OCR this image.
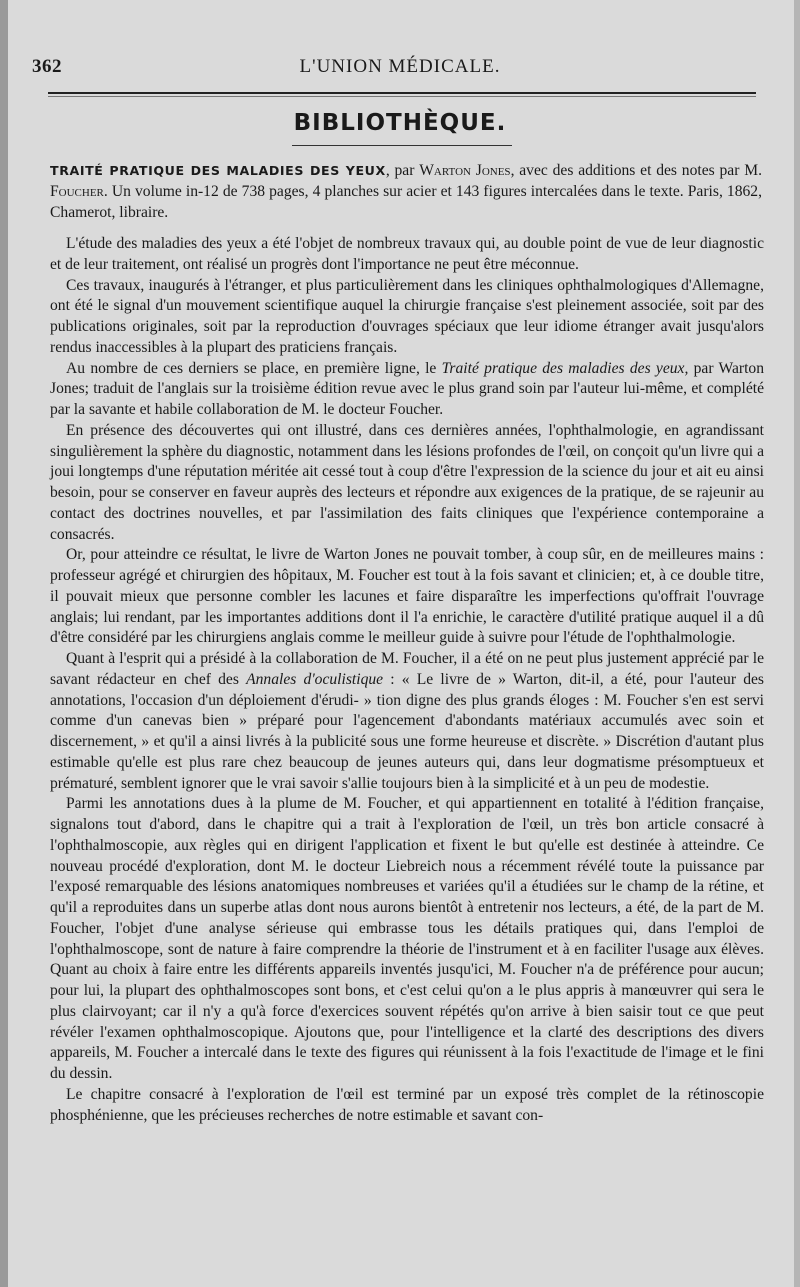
362	L'UNION MÉDICALE.
BIBLIOTHÈQUE.
TRAITÉ PRATIQUE DES MALADIES DES YEUX, par Warton Jones, avec des additions et des notes par M. Foucher. Un volume in-12 de 738 pages, 4 planches sur acier et 143 figures intercalées dans le texte. Paris, 1862, Chamerot, libraire.

L'étude des maladies des yeux a été l'objet de nombreux travaux qui, au double point de vue de leur diagnostic et de leur traitement, ont réalisé un progrès dont l'importance ne peut être méconnue.

Ces travaux, inaugurés à l'étranger, et plus particulièrement dans les cliniques ophthalmologiques d'Allemagne, ont été le signal d'un mouvement scientifique auquel la chirurgie française s'est pleinement associée, soit par des publications originales, soit par la reproduction d'ouvrages spéciaux que leur idiome étranger avait jusqu'alors rendus inaccessibles à la plupart des praticiens français.

Au nombre de ces derniers se place, en première ligne, le Traité pratique des maladies des yeux, par Warton Jones; traduit de l'anglais sur la troisième édition revue avec le plus grand soin par l'auteur lui-même, et complété par la savante et habile collaboration de M. le docteur Foucher.

En présence des découvertes qui ont illustré, dans ces dernières années, l'ophthalmologie, en agrandissant singulièrement la sphère du diagnostic, notamment dans les lésions profondes de l'œil, on conçoit qu'un livre qui a joui longtemps d'une réputation méritée ait cessé tout à coup d'être l'expression de la science du jour et ait eu ainsi besoin, pour se conserver en faveur auprès des lecteurs et répondre aux exigences de la pratique, de se rajeunir au contact des doctrines nouvelles, et par l'assimilation des faits cliniques que l'expérience contemporaine a consacrés.

Or, pour atteindre ce résultat, le livre de Warton Jones ne pouvait tomber, à coup sûr, en de meilleures mains : professeur agrégé et chirurgien des hôpitaux, M. Foucher est tout à la fois savant et clinicien; et, à ce double titre, il pouvait mieux que personne combler les lacunes et faire disparaître les imperfections qu'offrait l'ouvrage anglais; lui rendant, par les importantes additions dont il l'a enrichie, le caractère d'utilité pratique auquel il a dû d'être considéré par les chirurgiens anglais comme le meilleur guide à suivre pour l'étude de l'ophthalmologie.

Quant à l'esprit qui a présidé à la collaboration de M. Foucher, il a été on ne peut plus justement apprécié par le savant rédacteur en chef des Annales d'oculistique : « Le livre de » Warton, dit-il, a été, pour l'auteur des annotations, l'occasion d'un déploiement d'érudi- » tion digne des plus grands éloges : M. Foucher s'en est servi comme d'un canevas bien » préparé pour l'agencement d'abondants matériaux accumulés avec soin et discernement, » et qu'il a ainsi livrés à la publicité sous une forme heureuse et discrète. » Discrétion d'autant plus estimable qu'elle est plus rare chez beaucoup de jeunes auteurs qui, dans leur dogmatisme présomptueux et prématuré, semblent ignorer que le vrai savoir s'allie toujours bien à la simplicité et à un peu de modestie.

Parmi les annotations dues à la plume de M. Foucher, et qui appartiennent en totalité à l'édition française, signalons tout d'abord, dans le chapitre qui a trait à l'exploration de l'œil, un très bon article consacré à l'ophthalmoscopie, aux règles qui en dirigent l'application et fixent le but qu'elle est destinée à atteindre. Ce nouveau procédé d'exploration, dont M. le docteur Liebreich nous a récemment révélé toute la puissance par l'exposé remarquable des lésions anatomiques nombreuses et variées qu'il a étudiées sur le champ de la rétine, et qu'il a reproduites dans un superbe atlas dont nous aurons bientôt à entretenir nos lecteurs, a été, de la part de M. Foucher, l'objet d'une analyse sérieuse qui embrasse tous les détails pratiques qui, dans l'emploi de l'ophthalmoscope, sont de nature à faire comprendre la théorie de l'instrument et à en faciliter l'usage aux élèves. Quant au choix à faire entre les différents appareils inventés jusqu'ici, M. Foucher n'a de préférence pour aucun; pour lui, la plupart des ophthalmoscopes sont bons, et c'est celui qu'on a le plus appris à manœuvrer qui sera le plus clairvoyant; car il n'y a qu'à force d'exercices souvent répétés qu'on arrive à bien saisir tout ce que peut révéler l'examen ophthalmoscopique. Ajoutons que, pour l'intelligence et la clarté des descriptions des divers appareils, M. Foucher a intercalé dans le texte des figures qui réunissent à la fois l'exactitude de l'image et le fini du dessin.

Le chapitre consacré à l'exploration de l'œil est terminé par un exposé très complet de la rétinoscopie phosphénienne, que les précieuses recherches de notre estimable et savant con-
